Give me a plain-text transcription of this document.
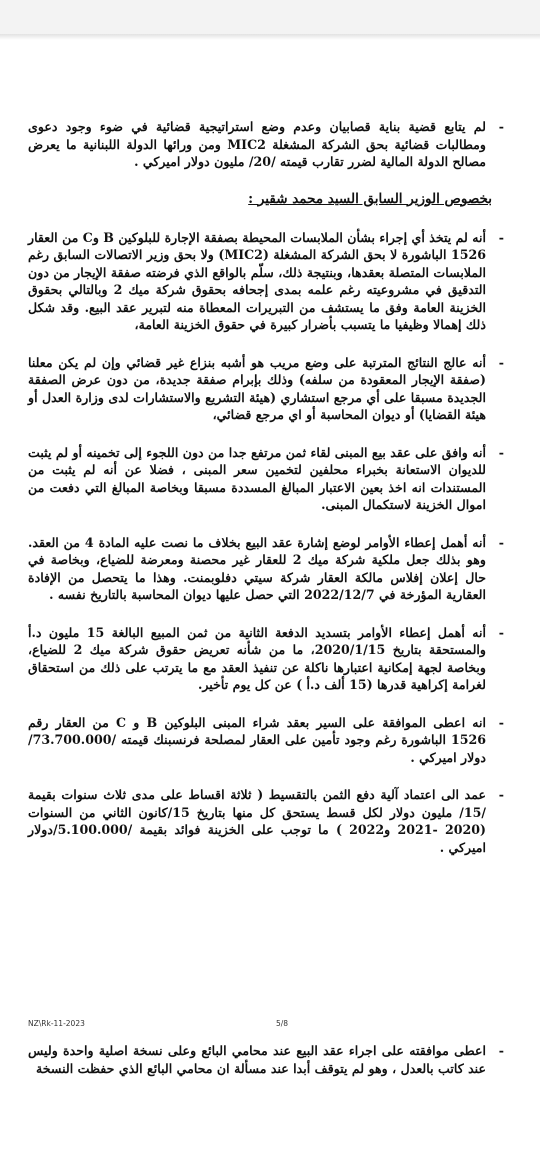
-
لم يتابع قضية بناية قصابيان وعدم وضع استراتيجية قضائية في ضوء وجود دعوى ومطالبات قضائية بحق الشركة المشغلة MIC2 ومن ورائها الدولة اللبنانية ما يعرض مصالح الدولة المالية لضرر تقارب قيمته /20/ مليون دولار اميركي .
بخصوص الوزير السابق السيد محمد شقير :
-
أنه لم يتخذ أي إجراء بشأن الملابسات المحيطة بصفقة الإجارة للبلوكين B وC من العقار 1526 الباشورة لا بحق الشركة المشغلة (MIC2) ولا بحق وزير الاتصالات السابق رغم الملابسات المتصلة بعقدها، وبنتيجة ذلك، سلّم بالواقع الذي فرضته صفقة الإيجار من دون التدقيق في مشروعيته رغم علمه بمدى إجحافه بحقوق شركة ميك 2 وبالتالي بحقوق الخزينة العامة وفق ما يستشف من التبريرات المعطاة منه لتبرير عقد البيع. وقد شكل ذلك إهمالا وظيفيا ما يتسبب بأضرار كبيرة في حقوق الخزينة العامة،
-
أنه عالج النتائج المترتبة على وضع مريب هو أشبه بنزاع غير قضائي وإن لم يكن معلنا (صفقة الإيجار المعقودة من سلفه) وذلك بإبرام صفقة جديدة، من دون عرض الصفقة الجديدة مسبقا على أي مرجع استشاري (هيئة التشريع والاستشارات لدى وزارة العدل أو هيئة القضايا) أو ديوان المحاسبة أو اي مرجع قضائي،
-
أنه وافق على عقد بيع المبنى لقاء ثمن مرتفع جدا من دون اللجوء إلى تخمينه أو لم يثبت للديوان الاستعانة بخبراء محلفين لتخمين سعر المبنى ، فضلا عن أنه لم يثبت من المستندات انه اخذ بعين الاعتبار المبالغ المسددة مسبقا وبخاصة المبالغ التي دفعت من اموال الخزينة لاستكمال المبنى.
-
أنه أهمل إعطاء الأوامر لوضع إشارة عقد البيع بخلاف ما نصت عليه المادة 4 من العقد. وهو بذلك جعل ملكية شركة ميك 2 للعقار غير محصنة ومعرضة للضياع، وبخاصة في حال إعلان إفلاس مالكة العقار شركة سيتي دفلوبمنت. وهذا ما يتحصل من الإفادة العقارية المؤرخة في 2022/12/7 التي حصل عليها ديوان المحاسبة بالتاريخ نفسه .
-
أنه أهمل إعطاء الأوامر بتسديد الدفعة الثانية من ثمن المبيع البالغة 15 مليون د.أ والمستحقة بتاريخ 2020/1/15، ما من شأنه تعريض حقوق شركة ميك 2 للضياع، وبخاصة لجهة إمكانية اعتبارها ناكلة عن تنفيذ العقد مع ما يترتب على ذلك من استحقاق لغرامة إكراهية قدرها (15 ألف د.أ ) عن كل يوم تأخير.
-
انه اعطى الموافقة على السير بعقد شراء المبنى البلوكين B و C من العقار رقم 1526 الباشورة رغم وجود تأمين على العقار لمصلحة فرنسبنك قيمته /73.700.000/دولار اميركي .
-
عمد الى اعتماد آلية دفع الثمن بالتقسيط ( ثلاثة اقساط على مدى ثلاث سنوات بقيمة /15/ مليون دولار لكل قسط يستحق كل منها بتاريخ 15/كانون الثاني من السنوات (2020 -2021 و2022 ) ما توجب على الخزينة فوائد بقيمة /5.100.000/دولار اميركي .
NZ\Rk-11-2023	5/8
-
اعطى موافقته على اجراء عقد البيع عند محامي البائع وعلى نسخة اصلية واحدة وليس عند كاتب بالعدل ، وهو لم يتوقف أبدا عند مسألة ان محامي البائع الذي حفظت النسخة
